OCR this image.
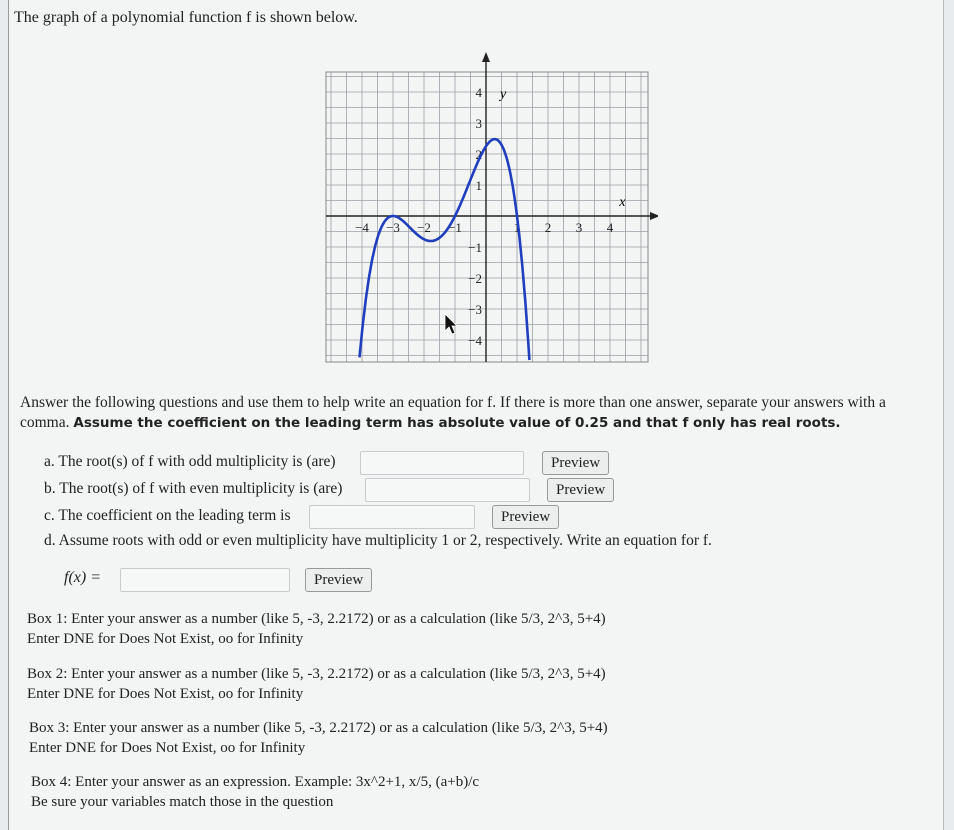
The graph of a polynomial function f is shown below.
−4 −3 −2 −1	1 2 3 4
4
3
2
1
−1
−2
−3
−4
x
y
Answer the following questions and use them to help write an equation for f. If there is more than one answer, separate your answers with a comma. Assume the coefficient on the leading term has absolute value of 0.25 and that f only has real roots.
a. The root(s) of f with odd multiplicity is (are)	Preview
b. The root(s) of f with even multiplicity is (are)	Preview
c. The coefficient on the leading term is	Preview
d. Assume roots with odd or even multiplicity have multiplicity 1 or 2, respectively. Write an equation for f.
f(x) =	Preview
Box 1: Enter your answer as a number (like 5, -3, 2.2172) or as a calculation (like 5/3, 2^3, 5+4)
Enter DNE for Does Not Exist, oo for Infinity
Box 2: Enter your answer as a number (like 5, -3, 2.2172) or as a calculation (like 5/3, 2^3, 5+4)
Enter DNE for Does Not Exist, oo for Infinity
Box 3: Enter your answer as a number (like 5, -3, 2.2172) or as a calculation (like 5/3, 2^3, 5+4)
Enter DNE for Does Not Exist, oo for Infinity
Box 4: Enter your answer as an expression. Example: 3x^2+1, x/5, (a+b)/c
Be sure your variables match those in the question
